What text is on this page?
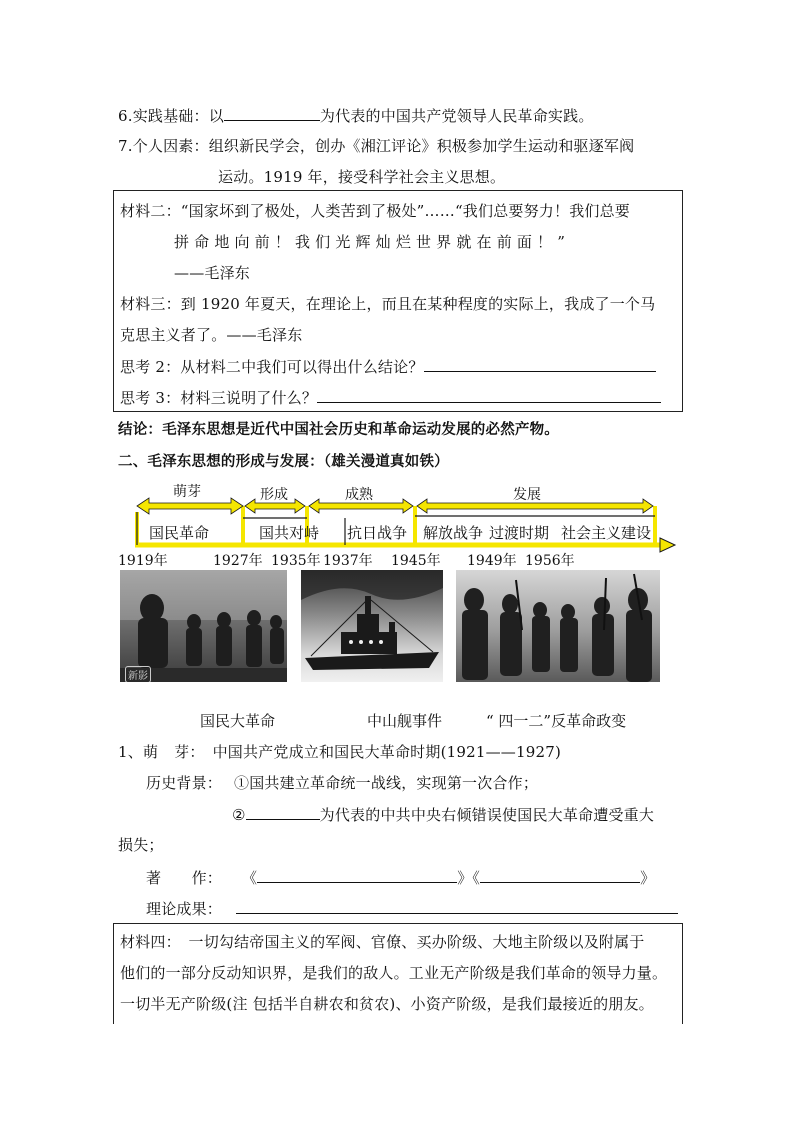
6.实践基础：以	为代表的中国共产党领导人民革命实践。
7.个人因素：组织新民学会，创办《湘江评论》积极参加学生运动和驱逐军阀
运动。1919 年，接受科学社会主义思想。
材料二：“国家坏到了极处，人类苦到了极处”……“我们总要努力！我们总要
拼 命 地 向 前 ！ 我 们 光 辉 灿 烂 世 界 就 在 前 面 ！ ”
——毛泽东
材料三：到 1920 年夏天，在理论上，而且在某种程度的实际上，我成了一个马
克思主义者了。——毛泽东
思考 2：从材料二中我们可以得出什么结论？
思考 3：材料三说明了什么？
结论：毛泽东思想是近代中国社会历史和革命运动发展的必然产物。
二、毛泽东思想的形成与发展：（雄关漫道真如铁）
萌芽	形成	成熟	发展
国民革命	国共对峙 抗日战争 解放战争 过渡时期 社会主义建设
1919年	1927年 1935年 1937年 1945年 1949年 1956年
新影
国民大革命	中山舰事件	“ 四一二”反革命政变
1、萌 芽： 中国共产党成立和国民大革命时期(1921——1927)
历史背景： ①国共建立革命统一战线，实现第一次合作；
②	为代表的中共中央右倾错误使国民大革命遭受重大
损失；
著　　作： 《	》《	》
理论成果：
材料四：　一切勾结帝国主义的军阀、官僚、买办阶级、大地主阶级以及附属于
他们的一部分反动知识界，是我们的敌人。工业无产阶级是我们革命的领导力量。
一切半无产阶级(注 包括半自耕农和贫农)、小资产阶级，是我们最接近的朋友。
